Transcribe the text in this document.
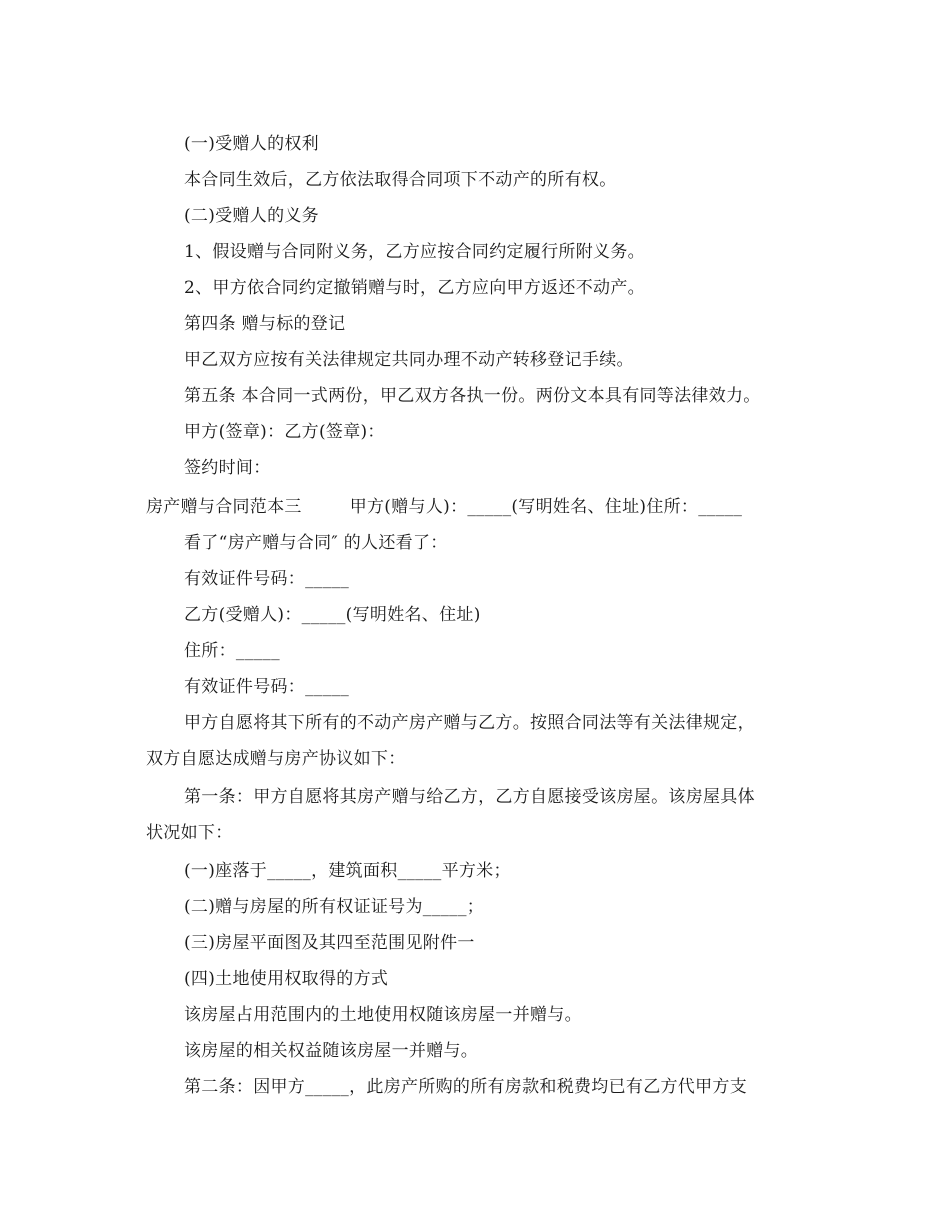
(一)受赠人的权利
本合同生效后，乙方依法取得合同项下不动产的所有权。
(二)受赠人的义务
1、假设赠与合同附义务，乙方应按合同约定履行所附义务。
2、甲方依合同约定撤销赠与时，乙方应向甲方返还不动产。
第四条 赠与标的登记
甲乙双方应按有关法律规定共同办理不动产转移登记手续。
第五条 本合同一式两份，甲乙双方各执一份。两份文本具有同等法律效力。
甲方(签章)：乙方(签章)：
签约时间：
房产赠与合同范本三	甲方(赠与人)：_____(写明姓名、住址)住所：_____
看了“房产赠与合同″ 的人还看了：
有效证件号码：_____
乙方(受赠人)：_____(写明姓名、住址)
住所：_____
有效证件号码：_____
甲方自愿将其下所有的不动产房产赠与乙方。按照合同法等有关法律规定，
双方自愿达成赠与房产协议如下：
第一条：甲方自愿将其房产赠与给乙方，乙方自愿接受该房屋。该房屋具体
状况如下：
(一)座落于_____，建筑面积_____平方米；
(二)赠与房屋的所有权证证号为_____；
(三)房屋平面图及其四至范围见附件一
(四)土地使用权取得的方式
该房屋占用范围内的土地使用权随该房屋一并赠与。
该房屋的相关权益随该房屋一并赠与。
第二条：因甲方_____，此房产所购的所有房款和税费均已有乙方代甲方支
